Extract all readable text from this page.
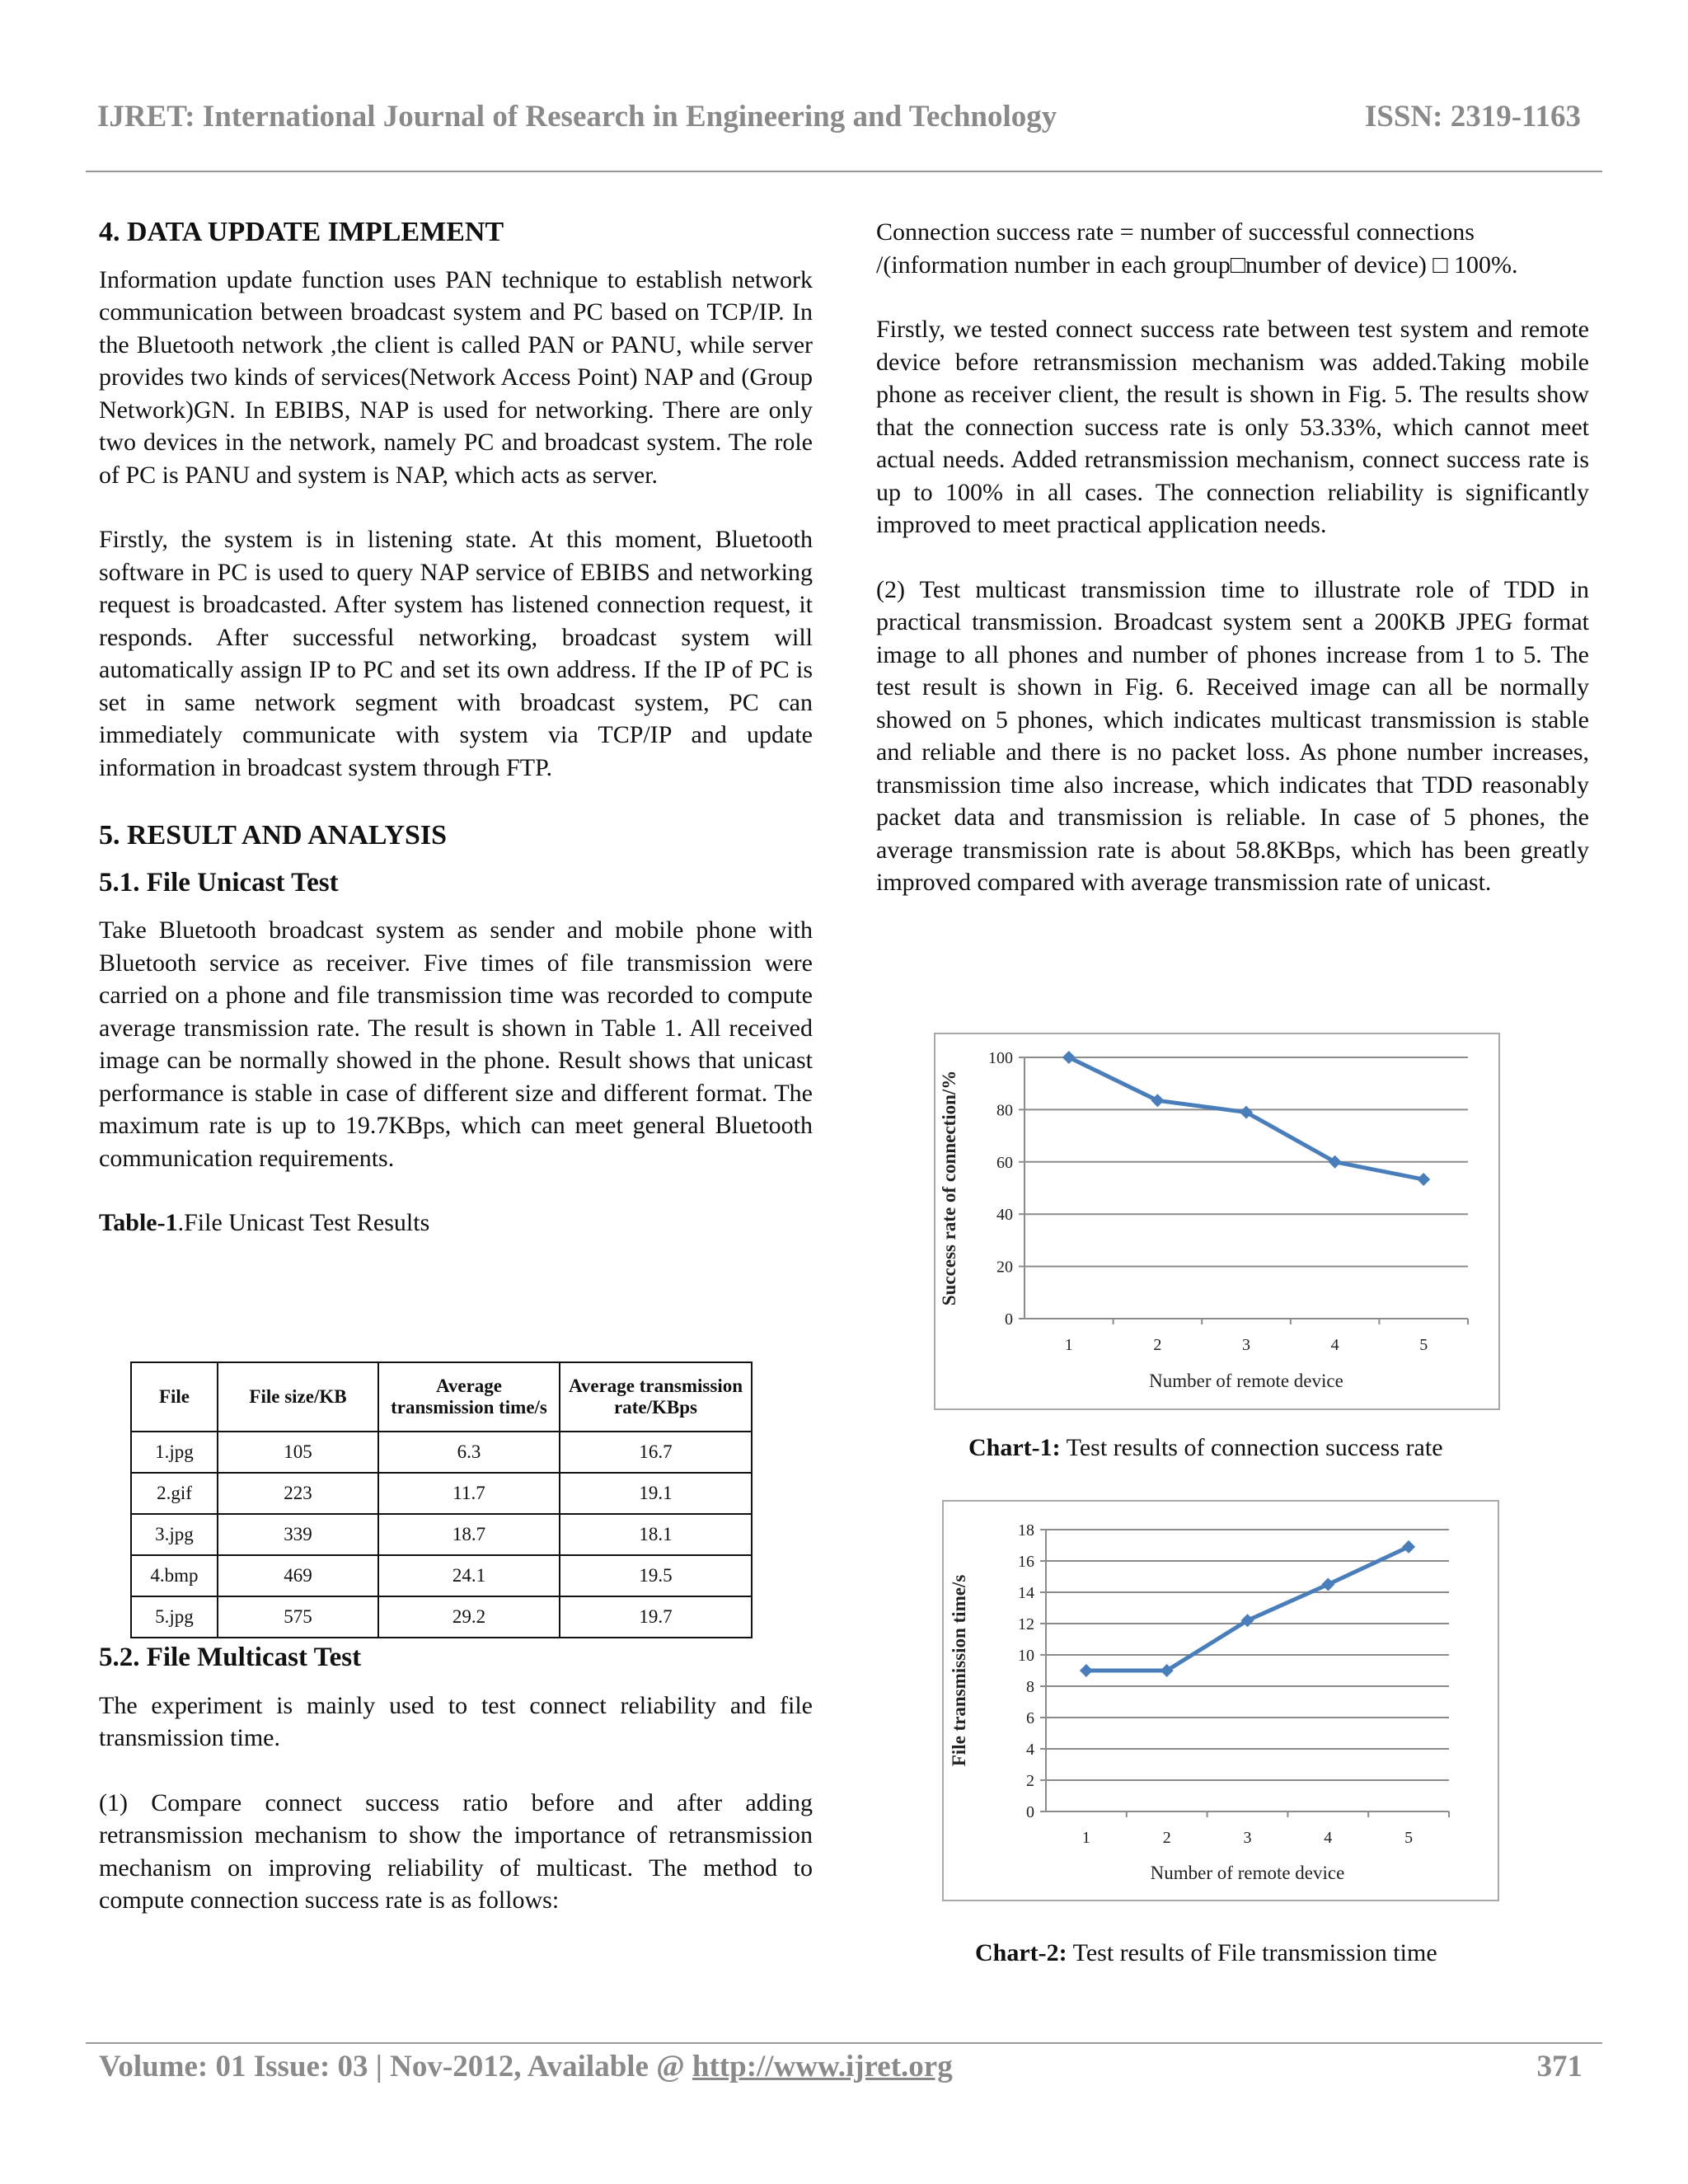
IJRET: International Journal of Research in Engineering and Technology	ISSN: 2319-1163

4. DATA UPDATE IMPLEMENT

Information update function uses PAN technique to establish network communication between broadcast system and PC based on TCP/IP. In the Bluetooth network ,the client is called PAN or PANU, while server provides two kinds of services(Network Access Point) NAP and (Group Network)GN. In EBIBS, NAP is used for networking. There are only two devices in the network, namely PC and broadcast system. The role of PC is PANU and system is NAP, which acts as server.

Firstly, the system is in listening state. At this moment, Bluetooth software in PC is used to query NAP service of EBIBS and networking request is broadcasted. After system has listened connection request, it responds. After successful networking, broadcast system will automatically assign IP to PC and set its own address. If the IP of PC is set in same network segment with broadcast system, PC can immediately communicate with system via TCP/IP and update information in broadcast system through FTP.

5. RESULT AND ANALYSIS

5.1. File Unicast Test

Take Bluetooth broadcast system as sender and mobile phone with Bluetooth service as receiver. Five times of file transmission were carried on a phone and file transmission time was recorded to compute average transmission rate. The result is shown in Table 1. All received image can be normally showed in the phone. Result shows that unicast performance is stable in case of different size and different format. The maximum rate is up to 19.7KBps, which can meet general Bluetooth communication requirements.

Table-1.File Unicast Test Results

File	File size/KB	Average transmission time/s	Average transmission rate/KBps
1.jpg	105	6.3	16.7
2.gif	223	11.7	19.1
3.jpg	339	18.7	18.1
4.bmp	469	24.1	19.5
5.jpg	575	29.2	19.7

5.2. File Multicast Test

The experiment is mainly used to test connect reliability and file transmission time.

(1) Compare connect success ratio before and after adding retransmission mechanism to show the importance of retransmission mechanism on improving reliability of multicast. The method to compute connection success rate is as follows:

Connection success rate = number of successful connections /(information number in each group□number of device) □ 100%.

Firstly, we tested connect success rate between test system and remote device before retransmission mechanism was added.Taking mobile phone as receiver client, the result is shown in Fig. 5. The results show that the connection success rate is only 53.33%, which cannot meet actual needs. Added retransmission mechanism, connect success rate is up to 100% in all cases. The connection reliability is significantly improved to meet practical application needs.

(2) Test multicast transmission time to illustrate role of TDD in practical transmission. Broadcast system sent a 200KB JPEG format image to all phones and number of phones increase from 1 to 5. The test result is shown in Fig. 6. Received image can all be normally showed on 5 phones, which indicates multicast transmission is stable and reliable and there is no packet loss. As phone number increases, transmission time also increase, which indicates that TDD reasonably packet data and transmission is reliable. In case of 5 phones, the average transmission rate is about 58.8KBps, which has been greatly improved compared with average transmission rate of unicast.

0
20
40
60
80
100
1	2	3	4	5
Number of remote device
Success rate of connection/%
Chart-1: Test results of connection success rate
0
2
4
6
8
10
12
14
16
18
1	2	3	4	5
Number of remote device
File transmission time/s
Chart-2: Test results of File transmission time
Volume: 01 Issue: 03 | Nov-2012, Available @ http://www.ijret.org	371
